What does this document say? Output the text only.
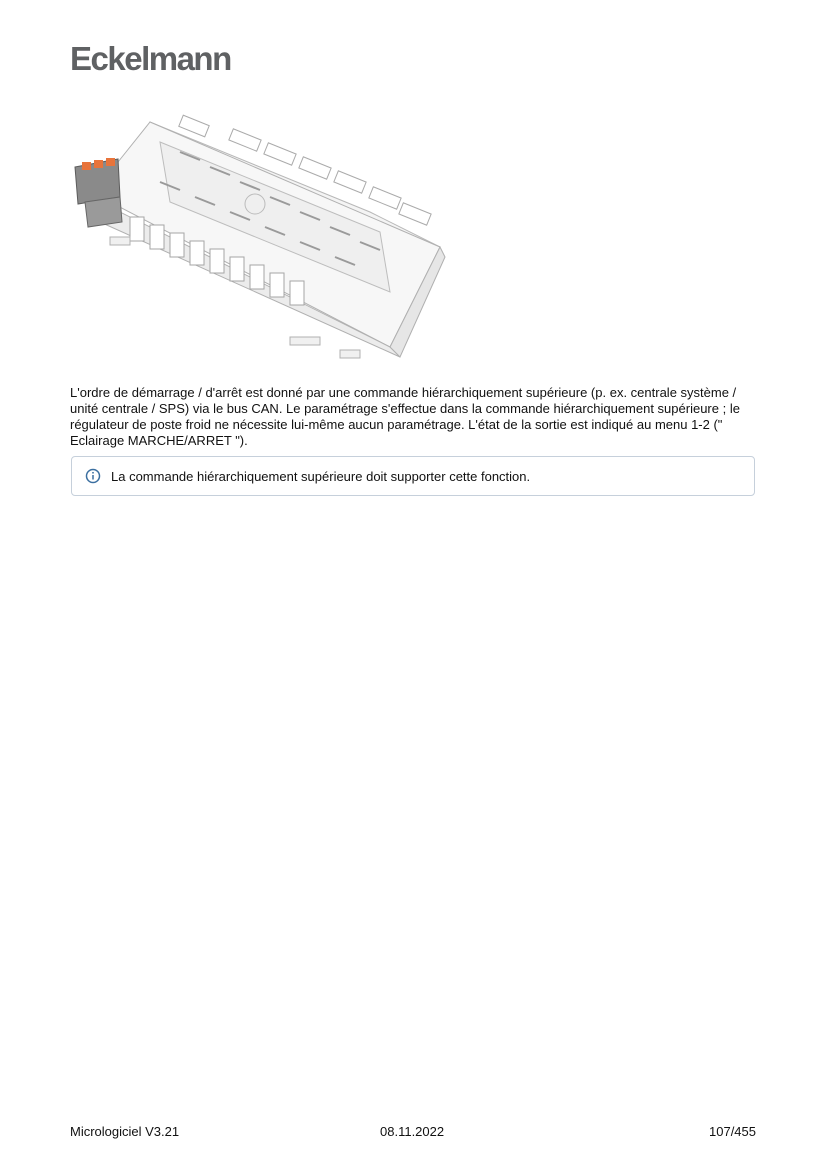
Eckelmann

L'ordre de démarrage / d'arrêt est donné par une commande hiérarchiquement supérieure (p. ex. centrale système / unité centrale / SPS) via le bus CAN. Le paramétrage s'effectue dans la commande hiérarchiquement supérieure ; le régulateur de poste froid ne nécessite lui-même aucun paramétrage. L'état de la sortie est indiqué au menu 1-2 (" Eclairage MARCHE/ARRET ").

La commande hiérarchiquement supérieure doit supporter cette fonction.
Micrologiciel V3.21	08.11.2022	107/455
